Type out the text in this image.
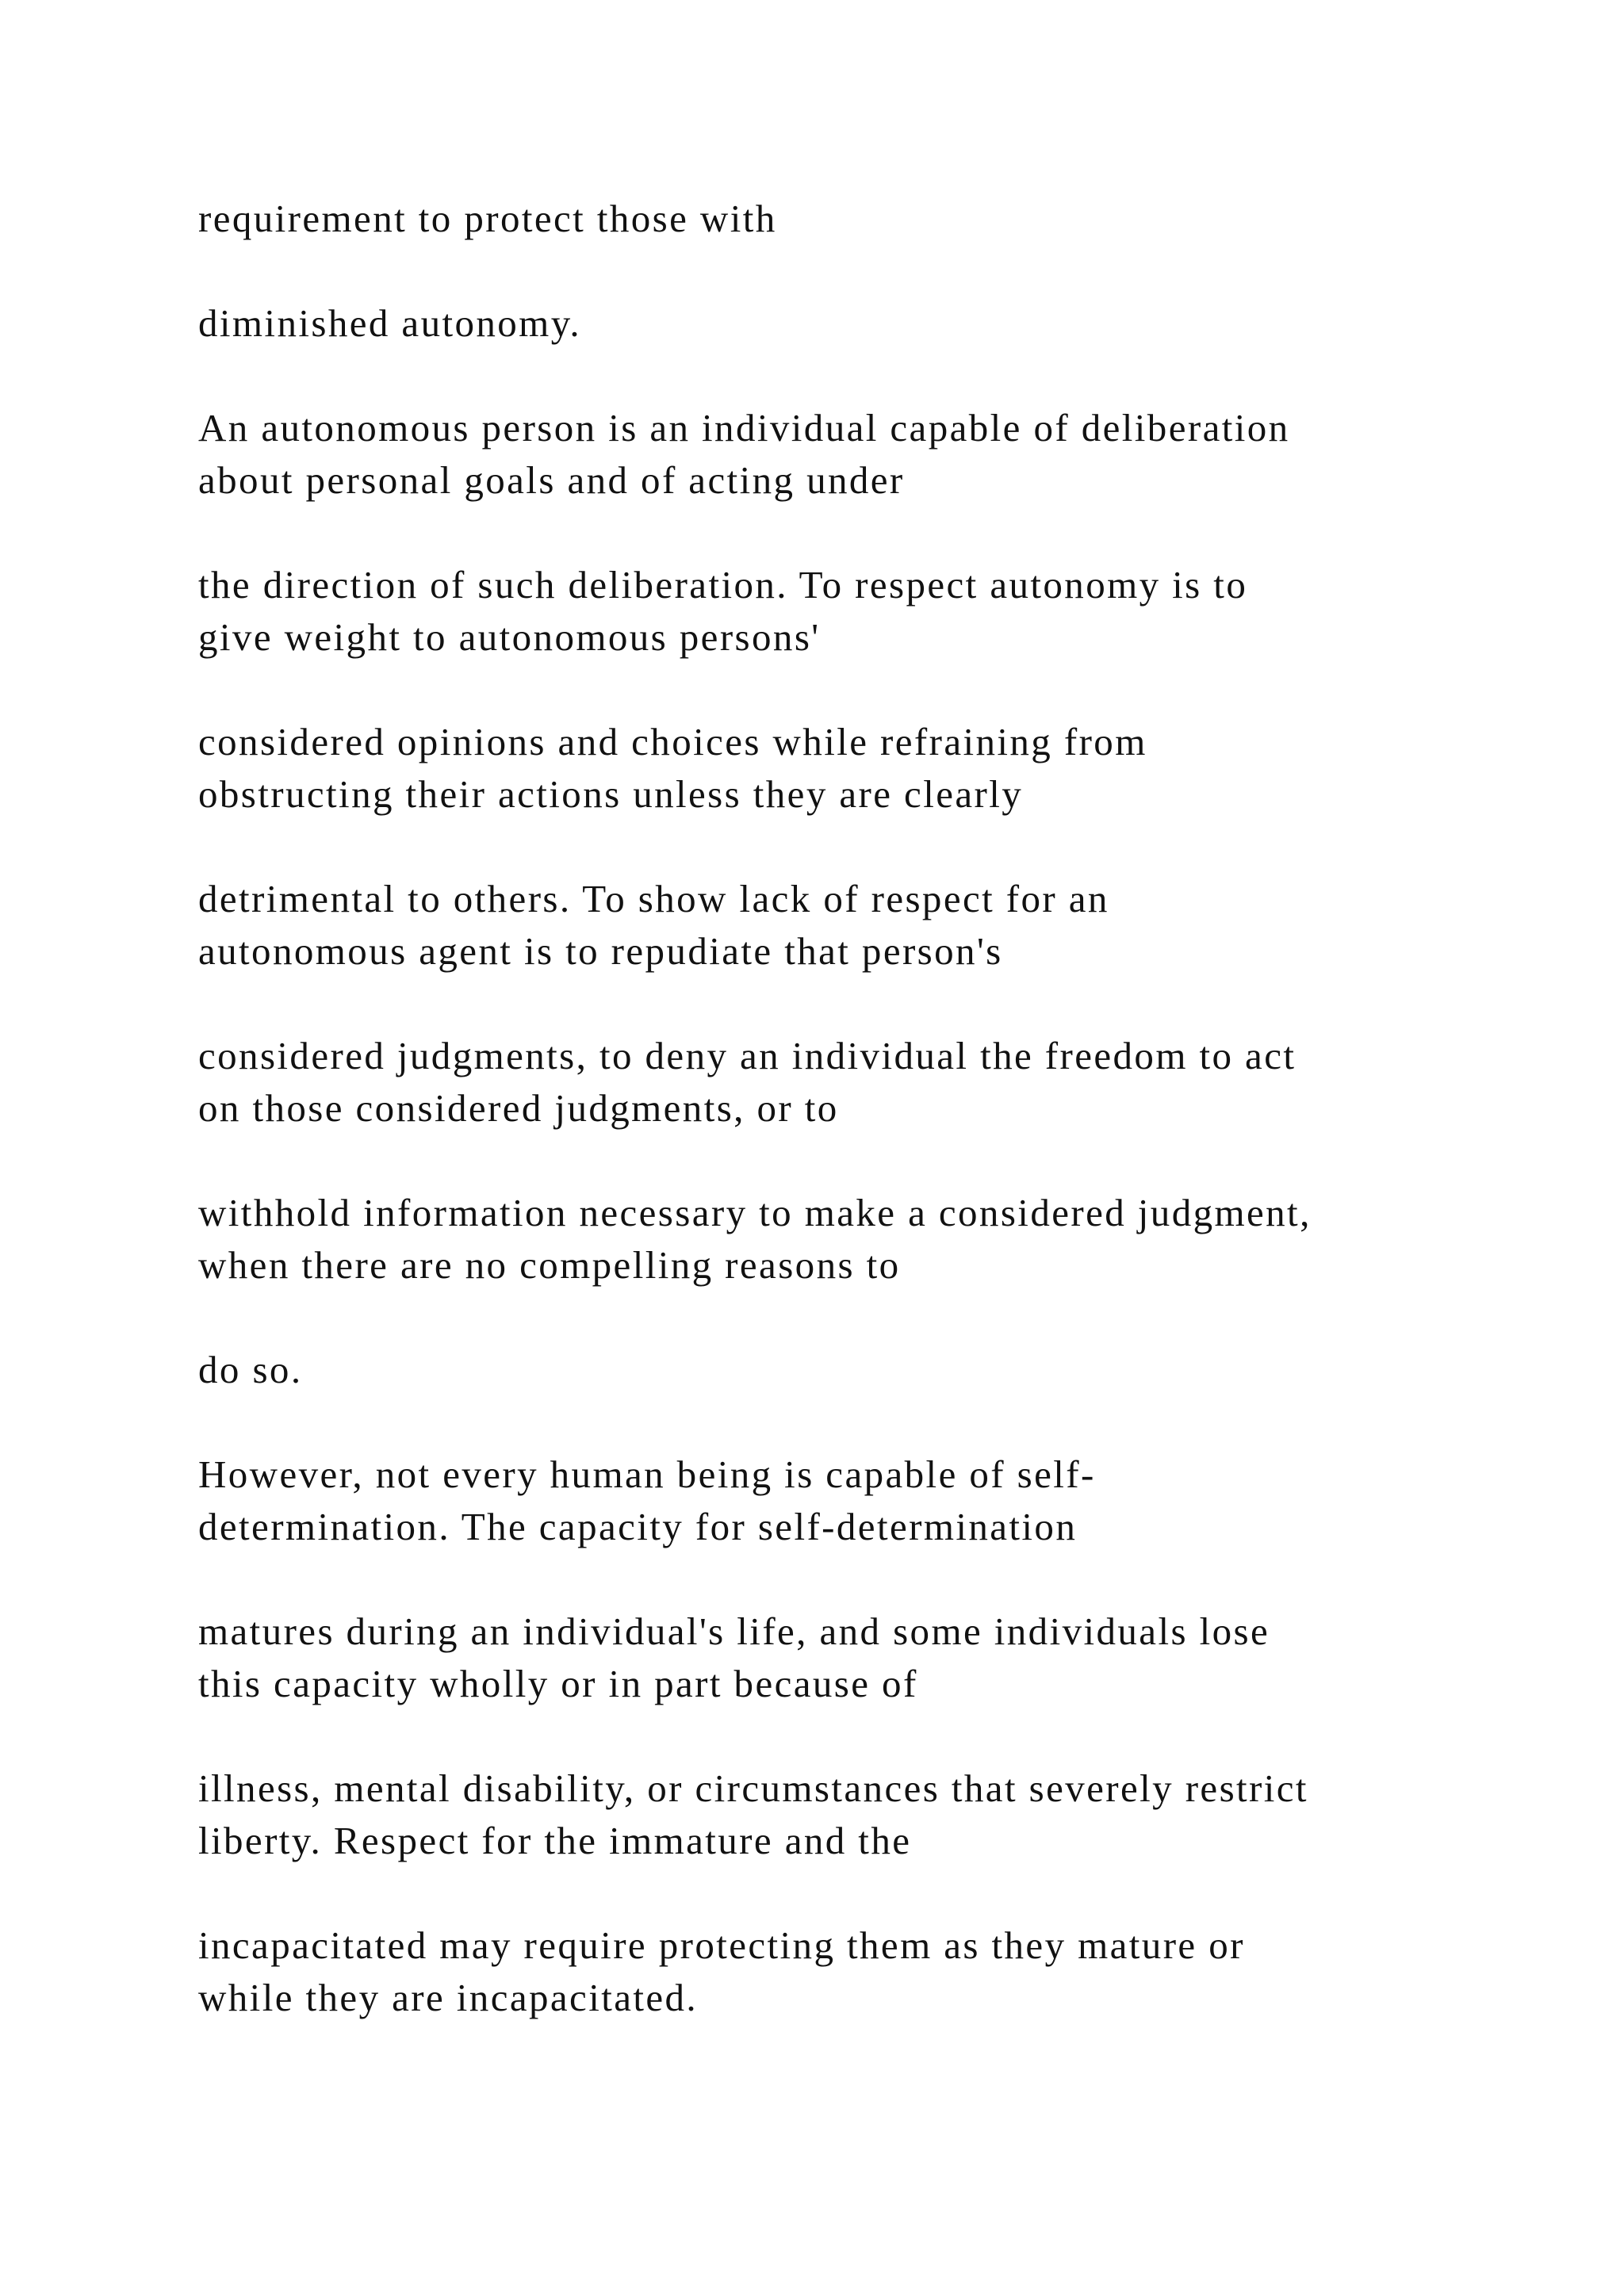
requirement to protect those with

diminished autonomy.

An autonomous person is an individual capable of deliberation
about personal goals and of acting under

the direction of such deliberation. To respect autonomy is to
give weight to autonomous persons'

considered opinions and choices while refraining from
obstructing their actions unless they are clearly

detrimental to others. To show lack of respect for an
autonomous agent is to repudiate that person's

considered judgments, to deny an individual the freedom to act
on those considered judgments, or to

withhold information necessary to make a considered judgment,
when there are no compelling reasons to

do so.

However, not every human being is capable of self-
determination. The capacity for self-determination

matures during an individual's life, and some individuals lose
this capacity wholly or in part because of

illness, mental disability, or circumstances that severely restrict
liberty. Respect for the immature and the

incapacitated may require protecting them as they mature or
while they are incapacitated.
